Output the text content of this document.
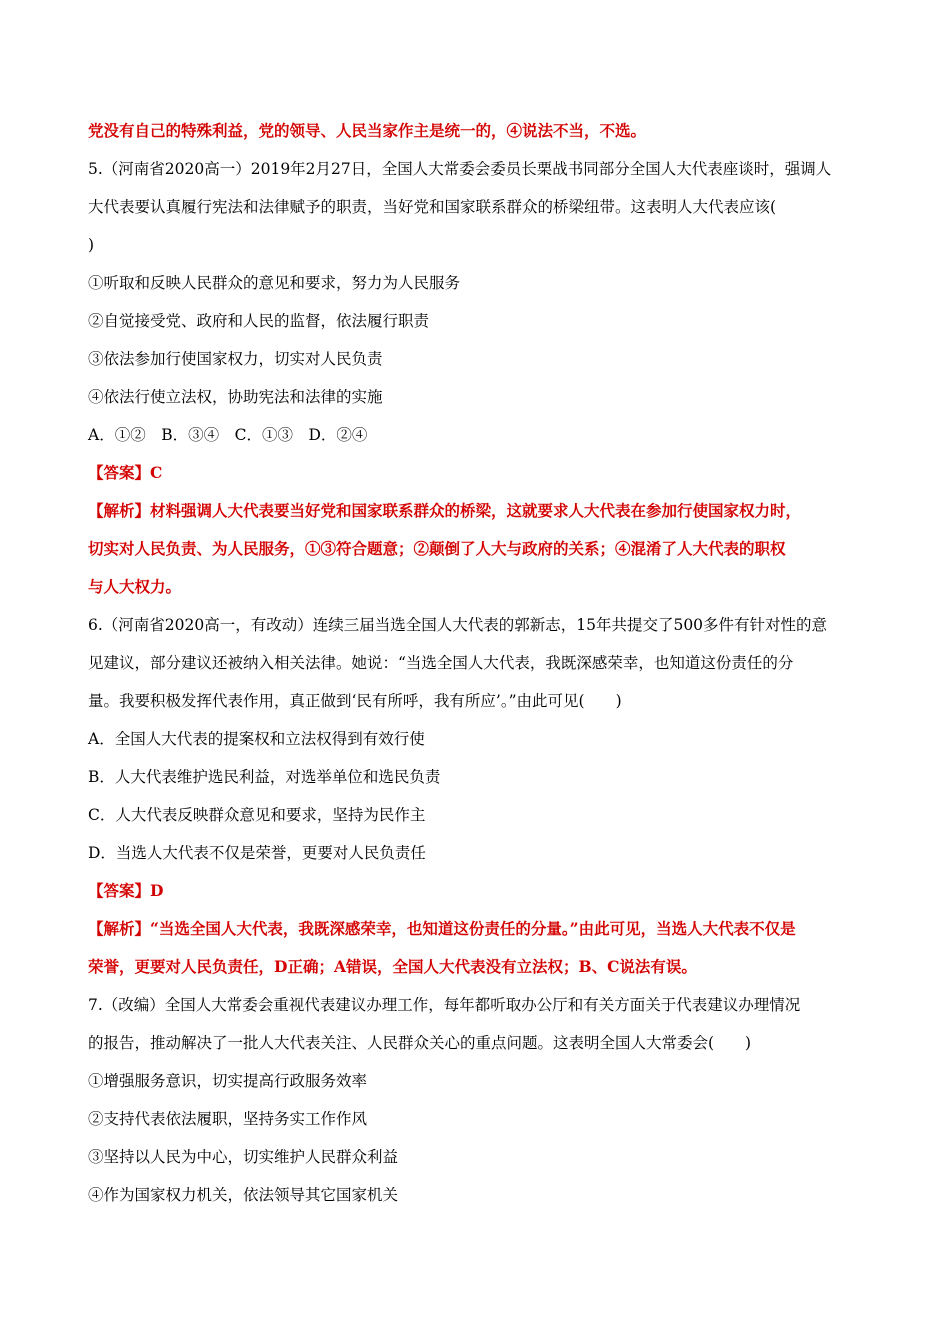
党没有自己的特殊利益，党的领导、人民当家作主是统一的，④说法不当，不选。
5.（河南省2020高一）2019年2月27日，全国人大常委会委员长栗战书同部分全国人大代表座谈时，强调人
大代表要认真履行宪法和法律赋予的职责，当好党和国家联系群众的桥梁纽带。这表明人大代表应该(
)
①听取和反映人民群众的意见和要求，努力为人民服务
②自觉接受党、政府和人民的监督，依法履行职责
③依法参加行使国家权力，切实对人民负责
④依法行使立法权，协助宪法和法律的实施
A．①②　B．③④　C．①③　D．②④
【答案】C
【解析】材料强调人大代表要当好党和国家联系群众的桥梁，这就要求人大代表在参加行使国家权力时，
切实对人民负责、为人民服务，①③符合题意；②颠倒了人大与政府的关系；④混淆了人大代表的职权
与人大权力。
6.（河南省2020高一，有改动）连续三届当选全国人大代表的郭新志，15年共提交了500多件有针对性的意
见建议，部分建议还被纳入相关法律。她说：“当选全国人大代表，我既深感荣幸，也知道这份责任的分
量。我要积极发挥代表作用，真正做到‘民有所呼，我有所应’。”由此可见(　　)
A．全国人大代表的提案权和立法权得到有效行使
B．人大代表维护选民利益，对选举单位和选民负责
C．人大代表反映群众意见和要求，坚持为民作主
D．当选人大代表不仅是荣誉，更要对人民负责任
【答案】D
【解析】“当选全国人大代表，我既深感荣幸，也知道这份责任的分量。”由此可见，当选人大代表不仅是
荣誉，更要对人民负责任，D正确；A错误，全国人大代表没有立法权；B、C说法有误。
7.（改编）全国人大常委会重视代表建议办理工作，每年都听取办公厅和有关方面关于代表建议办理情况
的报告，推动解决了一批人大代表关注、人民群众关心的重点问题。这表明全国人大常委会(　　)
①增强服务意识，切实提高行政服务效率
②支持代表依法履职，坚持务实工作作风
③坚持以人民为中心，切实维护人民群众利益
④作为国家权力机关，依法领导其它国家机关
